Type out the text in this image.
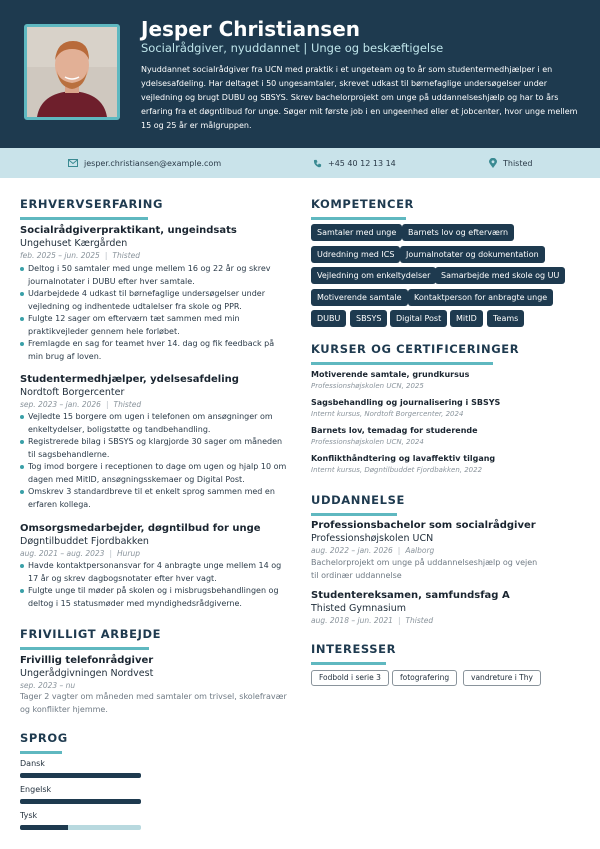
Jesper Christiansen
Socialrådgiver, nyuddannet | Unge og beskæftigelse
Nyuddannet socialrådgiver fra UCN med praktik i et ungeteam og to år som studentermedhjælper i en ydelsesafdeling. Har deltaget i 50 ungesamtaler, skrevet udkast til børnefaglige undersøgelser under vejledning og brugt DUBU og SBSYS. Skrev bachelorprojekt om unge på uddannelseshjælp og har to års erfaring fra et døgntilbud for unge. Søger mit første job i en ungeenhed eller et jobcenter, hvor unge mellem 15 og 25 år er målgruppen.
jesper.christiansen@example.com	+45 40 12 13 14	Thisted
ERHVERVSERFARING
Socialrådgiverpraktikant, ungeindsats
Ungehuset Kærgården
feb. 2025 – jun. 2025 | Thisted
Deltog i 50 samtaler med unge mellem 16 og 22 år og skrev journalnotater i DUBU efter hver samtale.
Udarbejdede 4 udkast til børnefaglige undersøgelser under vejledning og indhentede udtalelser fra skole og PPR.
Fulgte 12 sager om efterværn tæt sammen med min praktikvejleder gennem hele forløbet.
Fremlagde en sag for teamet hver 14. dag og fik feedback på min brug af loven.
Studentermedhjælper, ydelsesafdeling
Nordtoft Borgercenter
sep. 2023 – jan. 2026 | Thisted
Vejledte 15 borgere om ugen i telefonen om ansøgninger om enkeltydelser, boligstøtte og tandbehandling.
Registrerede bilag i SBSYS og klargjorde 30 sager om måneden til sagsbehandlerne.
Tog imod borgere i receptionen to dage om ugen og hjalp 10 om dagen med MitID, ansøgningsskemaer og Digital Post.
Omskrev 3 standardbreve til et enkelt sprog sammen med en erfaren kollega.
Omsorgsmedarbejder, døgntilbud for unge
Døgntilbuddet Fjordbakken
aug. 2021 – aug. 2023 | Hurup
Havde kontaktpersonansvar for 4 anbragte unge mellem 14 og 17 år og skrev dagbogsnotater efter hver vagt.
Fulgte unge til møder på skolen og i misbrugsbehandlingen og deltog i 15 statusmøder med myndighedsrådgiverne.
FRIVILLIGT ARBEJDE
Frivillig telefonrådgiver
Ungerådgivningen Nordvest
sep. 2023 – nu
Tager 2 vagter om måneden med samtaler om trivsel, skolefravær og konflikter hjemme.
SPROG
Dansk
Engelsk
Tysk
KOMPETENCER
Samtaler med unge	Barnets lov og efterværn
Udredning med ICS	Journalnotater og dokumentation
Vejledning om enkeltydelser	Samarbejde med skole og UU
Motiverende samtale	Kontaktperson for anbragte unge
DUBU	SBSYS	Digital Post	MitID	Teams
KURSER OG CERTIFICERINGER
Motiverende samtale, grundkursus
Professionshøjskolen UCN, 2025
Sagsbehandling og journalisering i SBSYS
Internt kursus, Nordtoft Borgercenter, 2024
Barnets lov, temadag for studerende
Professionshøjskolen UCN, 2024
Konflikthåndtering og lavaffektiv tilgang
Internt kursus, Døgntilbuddet Fjordbakken, 2022
UDDANNELSE
Professionsbachelor som socialrådgiver
Professionshøjskolen UCN
aug. 2022 – jan. 2026 | Aalborg
Bachelorprojekt om unge på uddannelseshjælp og vejen til ordinær uddannelse
Studentereksamen, samfundsfag A
Thisted Gymnasium
aug. 2018 – jun. 2021 | Thisted
INTERESSER
Fodbold i serie 3	fotografering	vandreture i Thy
